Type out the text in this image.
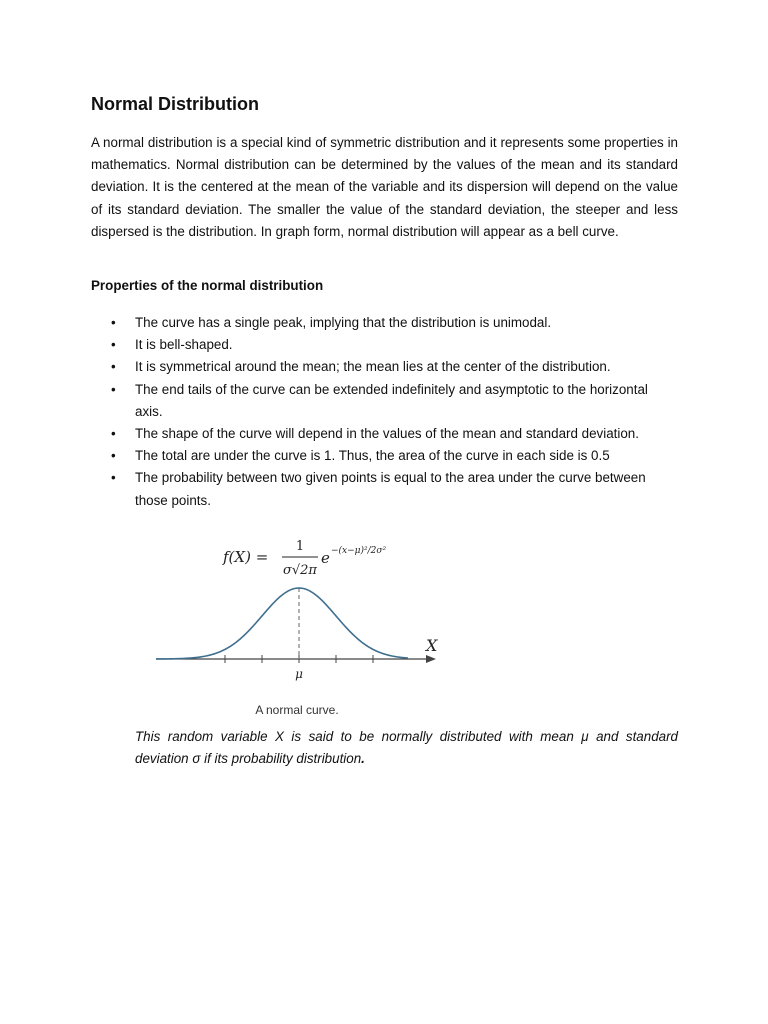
Normal Distribution

A normal distribution is a special kind of symmetric distribution and it represents some properties in mathematics. Normal distribution can be determined by the values of the mean and its standard deviation. It is the centered at the mean of the variable and its dispersion will depend on the value of its standard deviation. The smaller the value of the standard deviation, the steeper and less dispersed is the distribution. In graph form, normal distribution will appear as a bell curve.

Properties of the normal distribution

• The curve has a single peak, implying that the distribution is unimodal.
• It is bell-shaped.
• It is symmetrical around the mean; the mean lies at the center of the distribution.
• The end tails of the curve can be extended indefinitely and asymptotic to the horizontal axis.
• The shape of the curve will depend in the values of the mean and standard deviation.
• The total are under the curve is 1. Thus, the area of the curve in each side is 0.5
• The probability between two given points is equal to the area under the curve between those points.
f(X) =
1
σ√2π
e −(x−μ)²/2σ²
X
μ
A normal curve.

This random variable X is said to be normally distributed with mean μ and standard deviation σ if its probability distribution.
